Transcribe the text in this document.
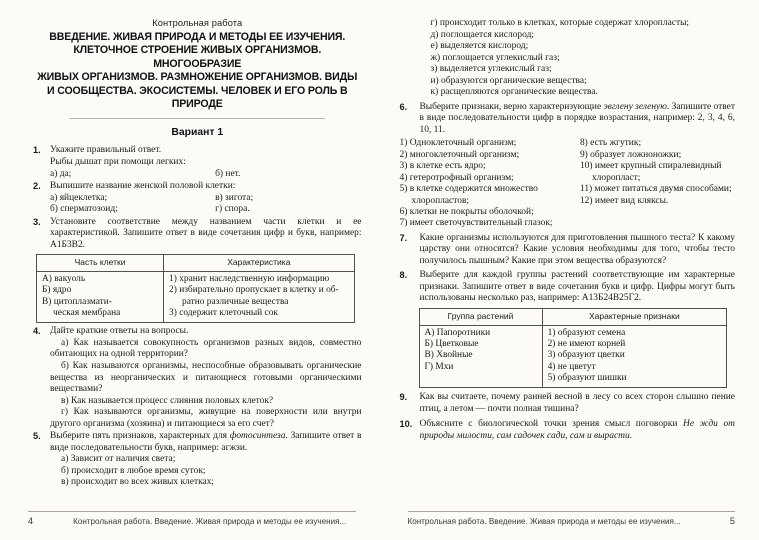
Контрольная работа
ВВЕДЕНИЕ. ЖИВАЯ ПРИРОДА И МЕТОДЫ ЕЕ ИЗУЧЕНИЯ.
КЛЕТОЧНОЕ СТРОЕНИЕ ЖИВЫХ ОРГАНИЗМОВ. МНОГООБРАЗИЕ
ЖИВЫХ ОРГАНИЗМОВ. РАЗМНОЖЕНИЕ ОРГАНИЗМОВ. ВИДЫ
И СООБЩЕСТВА. ЭКОСИСТЕМЫ. ЧЕЛОВЕК И ЕГО РОЛЬ В ПРИРОДЕ
Вариант 1
1. Укажите правильный ответ.
Рыбы дышат при помощи легких:
а) да;	б) нет.
2. Выпишите название женской половой клетки:
а) яйцеклетка;	в) зигота;
б) сперматозоид;	г) спора.
3. Установите соответствие между названием части клетки и ее характеристикой. Запишите ответ в виде сочетания цифр и букв, например: А1Б3В2.
Часть клетки	Характеристика

А) вакуоль
Б) ядро
В) цитоплазмати-
ческая мембрана

1) хранит наследственную информацию
2) избирательно пропускает в клетку и об-
ратно различные вещества
3) содержит клеточный сок
4. Дайте краткие ответы на вопросы.
а) Как называется совокупность организмов разных видов, совместно обитающих на одной территории?
б) Как называются организмы, неспособные образовывать органические вещества из неорганических и питающиеся готовыми органическими веществами?
в) Как называется процесс слияния половых клеток?
г) Как называются организмы, живущие на поверхности или внутри другого организма (хозяина) и питающиеся за его счет?
5. Выберите пять признаков, характерных для фотосинтеза. Запишите ответ в виде последовательности букв, например: агжзи.
а) Зависит от наличия света;
б) происходит в любое время суток;
в) происходит во всех живых клетках;
4	Контрольная работа. Введение. Живая природа и методы ее изучения...
г) происходит только в клетках, которые содержат хлоропласты;
д) поглощается кислород;
е) выделяется кислород;
ж) поглощается углекислый газ;
з) выделяется углекислый газ;
и) образуются органические вещества;
к) расщепляются органические вещества.
6.	Выберите признаки, верно характеризующие эвглену зеленую. Запишите ответ в виде последовательности цифр в порядке возрастания, например: 2, 3, 4, 6, 10, 11.
1) Одноклеточный организм;
2) многоклеточный организм;
3) в клетке есть ядро;
4) гетеротрофный организм;
5) в клетке содержится множество хлоропластов;
6) клетки не покрыты оболочкой;
7) имеет светочувствительный глазок;
8) есть жгутик;
9) образует ложноножки;
10) имеет крупный спиралевидный хлоропласт;
11) может питаться двумя способами;
12) имеет вид кляксы.
7.	Какие организмы используются для приготовления пышного теста? К какому царству они относятся? Какие условия необходимы для того, чтобы тесто получилось пышным? Какие при этом вещества образуются?
8.	Выберите для каждой группы растений соответствующие им характерные признаки. Запишите ответ в виде сочетания букв и цифр. Цифры могут быть использованы несколько раз, например: А13Б24В25Г2.
Группа растений	Характерные признаки

А) Папоротники
Б) Цветковые
В) Хвойные
Г) Мхи

1) образуют семена
2) не имеют корней
3) образуют цветки
4) не цветут
5) образуют шишки
9.	Как вы считаете, почему ранней весной в лесу со всех сторон слышно пение птиц, а летом — почти полная тишина?
10. Объясните с биологической точки зрения смысл поговорки Не жди от природы милости, сам садочек сади, сам и вырасти.
Контрольная работа. Введение. Живая природа и методы ее изучения...	5
